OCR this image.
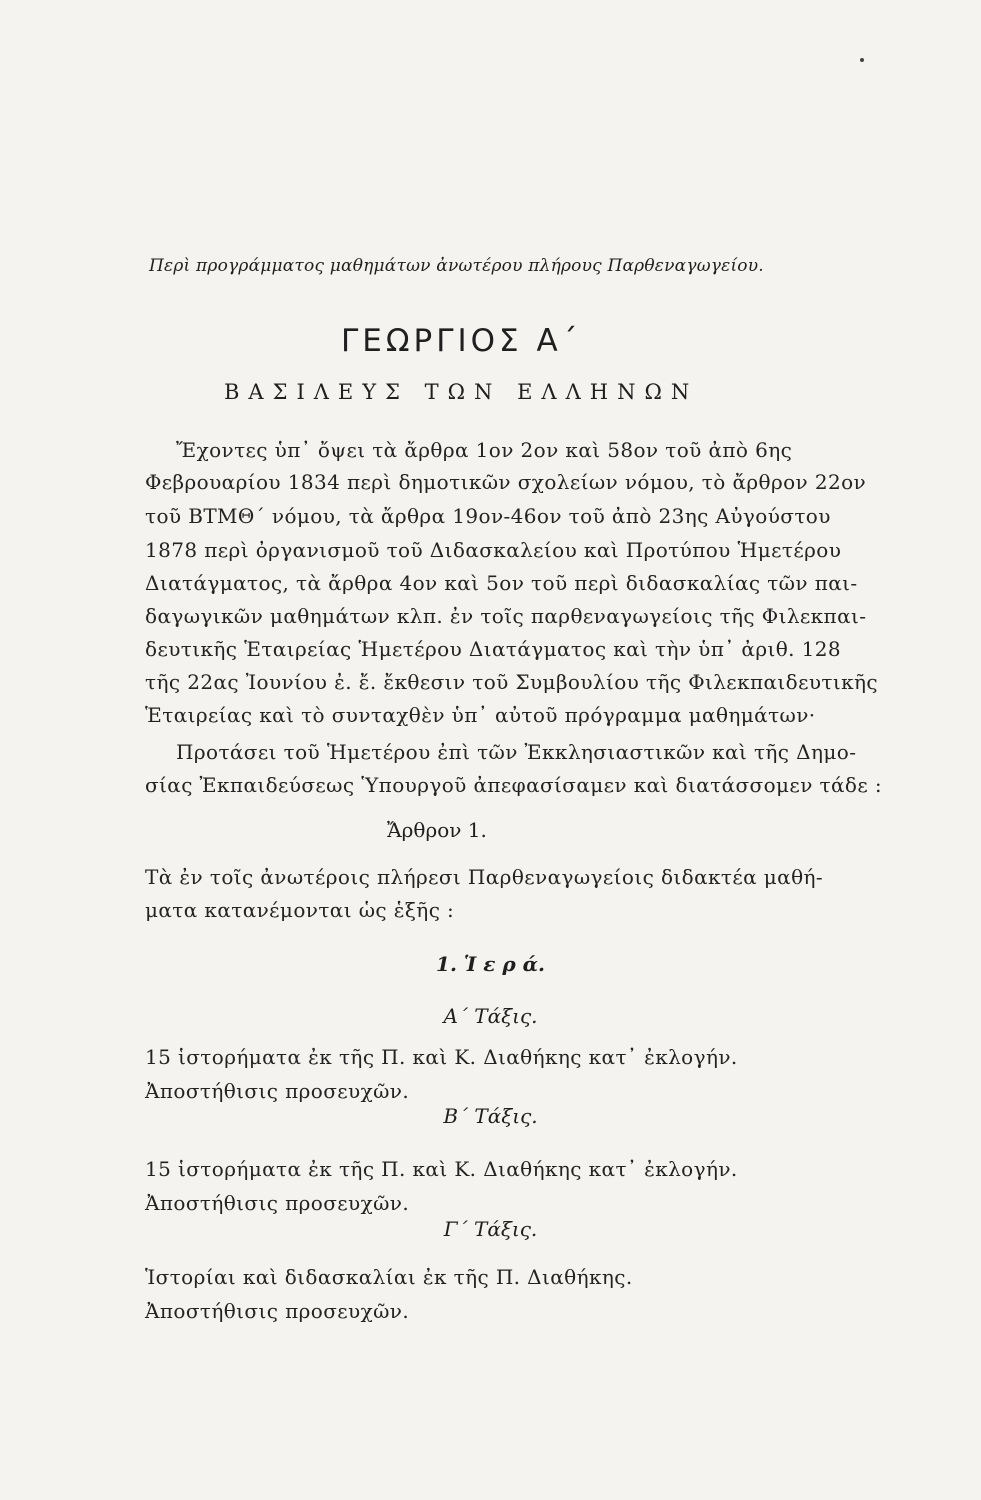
Περὶ προγράμματος μαθημάτων ἀνωτέρου πλήρους Παρθεναγωγείου.
ΓΕΩΡΓΙΟΣ Α΄
ΒΑΣΙΛΕΥΣ ΤΩΝ ΕΛΛΗΝΩΝ
Ἔχοντες ὑπ᾽ ὄψει τὰ ἄρθρα 1ον 2ον καὶ 58ον τοῦ ἀπὸ 6ης
Φεβρουαρίου 1834 περὶ δημοτικῶν σχολείων νόμου, τὸ ἄρθρον 22ον
τοῦ ΒΤΜΘ΄ νόμου, τὰ ἄρθρα 19ον-46ον τοῦ ἀπὸ 23ης Αὐγούστου
1878 περὶ ὀργανισμοῦ τοῦ Διδασκαλείου καὶ Προτύπου Ἡμετέρου
Διατάγματος, τὰ ἄρθρα 4ον καὶ 5ον τοῦ περὶ διδασκαλίας τῶν παι-
δαγωγικῶν μαθημάτων κλπ. ἐν τοῖς παρθεναγωγείοις τῆς Φιλεκπαι-
δευτικῆς Ἑταιρείας Ἡμετέρου Διατάγματος καὶ τὴν ὑπ᾽ ἀριθ. 128
τῆς 22ας Ἰουνίου ἐ. ἔ. ἔκθεσιν τοῦ Συμβουλίου τῆς Φιλεκπαιδευτικῆς
Ἑταιρείας καὶ τὸ συνταχθὲν ὑπ᾽ αὐτοῦ πρόγραμμα μαθημάτων·
Προτάσει τοῦ Ἡμετέρου ἐπὶ τῶν Ἐκκλησιαστικῶν καὶ τῆς Δημο-
σίας Ἐκπαιδεύσεως Ὑπουργοῦ ἀπεφασίσαμεν καὶ διατάσσομεν τάδε :
Ἄρθρον 1.
Τὰ ἐν τοῖς ἀνωτέροις πλήρεσι Παρθεναγωγείοις διδακτέα μαθή-
ματα κατανέμονται ὡς ἑξῆς :
1. Ἱ ε ρ ά.
Α΄ Τάξις.
15 ἱστορήματα ἐκ τῆς Π. καὶ Κ. Διαθήκης κατ᾽ ἐκλογήν.
Ἀποστήθισις προσευχῶν.
Β΄ Τάξις.
15 ἱστορήματα ἐκ τῆς Π. καὶ Κ. Διαθήκης κατ᾽ ἐκλογήν.
Ἀποστήθισις προσευχῶν.
Γ΄ Τάξις.
Ἱστορίαι καὶ διδασκαλίαι ἐκ τῆς Π. Διαθήκης.
Ἀποστήθισις προσευχῶν.
